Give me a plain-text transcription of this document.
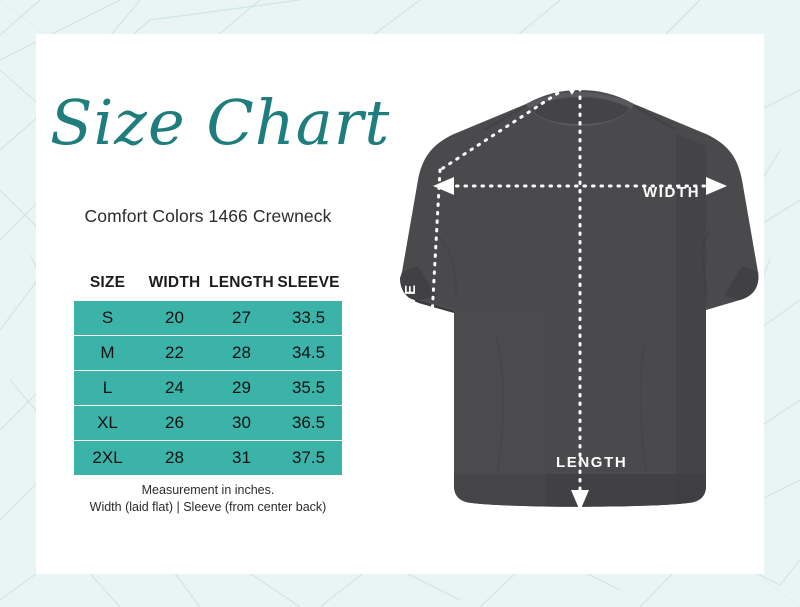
Size Chart
Comfort Colors 1466 Crewneck
SIZE	WIDTH	LENGTH	SLEEVE
S	20	27	33.5
M	22	28	34.5
L	24	29	35.5
XL	26	30	36.5
2XL	28	31	37.5
Measurement in inches.
Width (laid flat) | Sleeve (from center back)
WIDTH
LENGTH
SLEEVE
